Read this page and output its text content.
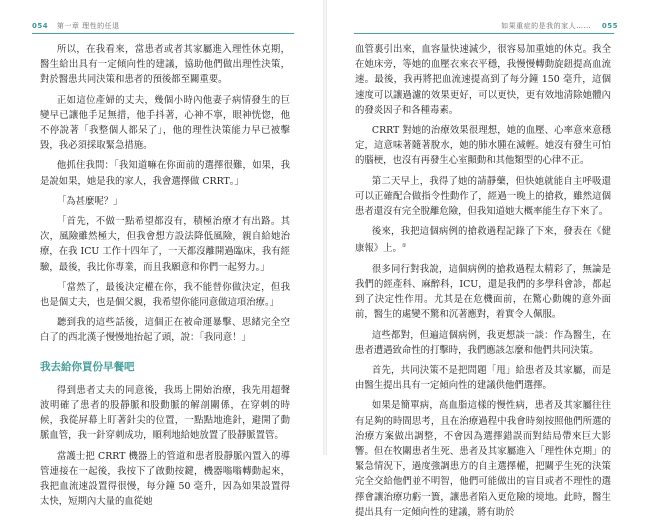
054 第一章 理性的任退

所以，在我看來，當患者或者其家屬進入理性休克期，醫生給出具有一定傾向性的建議，協助他們做出理性決策，對於醫患共同決策和患者的預後都至關重要。

正如這位產婦的丈夫，幾個小時內他妻子病情發生的巨變早已讓他手足無措，他手抖著，心神不寧，眼神恍惚，他不停說著「我整個人都呆了」，他的理性決策能力早已被擊毀，我必須採取緊急措施。

他抓住我問：「我知道嘛在你面前的選擇很難，如果，我是說如果，她是我的家人，我會選擇做 CRRT。」

「為甚麼呢？」

「首先，不做一點希望都沒有，積極治療才有出路。其次，風險雖然極大，但我會想方設法降低風險，親自給她治療，在我 ICU 工作十四年了，一天都沒離開過臨床，我有經驗，最後，我比你專業，而且我願意和你們一起努力。」

「當然了，最後決定權在你，我不能替你做決定，但我也是個丈夫，也是個父親，我希望你能同意做這項治療。」

聽到我的這些話後，這個正在被命運暴擊、思緒完全空白了的西北漢子慢慢地抬起了頭，說：「我同意！」

我去給你買份早餐吧

得到患者丈夫的同意後，我馬上開始治療，我先用超聲波明確了患者的股靜脈和股動脈的解剖關係，在穿刺的時候，我從屏幕上盯著針尖的位置，一點點地進針，避開了動脈血管，我一針穿刺成功，順利地給她放置了股靜脈置管。

當護士把 CRRT 機器上的管道和患者股靜脈內置入的導管連接在一起後，我按下了啟動按鍵，機器嗡嗡轉動起來，我把血流速設置得很慢，每分鐘 50 毫升，因為如果設置得太快，短期內大量的血從她

如果重症的是我的家人…… 055

血管裏引出來，血容量快速減少，很容易加重她的休克。我全在她床旁，等她的血壓衣來衣平穩，我慢慢轉動旋鈕提高血流速。最後，我再將把血流速提高到了每分鐘 150 毫升，這個速度可以讓過濾的效果更好，可以更快，更有效地清除她體內的發炎因子和各種毒素。

CRRT 對她的治療效果很理想，她的血壓、心率意來意穩定，這意味著隨著脫水，她的肺水腫在減輕。她沒有發生可怕的腦梗，也沒有再發生心室顫動和其他類型的心律不正。

第二天早上，我得了她的請靜藥，但快她就能自主呼吸還可以正確配合做指令性動作了，經過一晚上的搶救，雖然這個患者還沒有完全脫離危險，但我知道她大概率能生存下來了。

後來，我把這個病例的搶救過程記錄了下來，發表在《健康報》上。①

很多同行對我說，這個病例的搶救過程太精彩了，無論是我們的經產科、麻醉科，ICU，還是我們的多學科會診，都起到了決定性作用。尤其是在危機面前，在驚心動魄的意外面前，醫生的處變不驚和沉著應對，着實令人佩服。

這些都對，但遍這個病例，我更想談一談：作為醫生，在患者遭遇致命性的打擊時，我們應該怎麼和他們共同決策。

首先，共同決策不是把問題「甩」給患者及其家屬，而是由醫生提出具有一定傾向性的建議供他們選擇。

如果是簡單病，高血脂這樣的慢性病，患者及其家屬往往有足夠的時間思考，且在治療過程中我會時刻按照他們所選的治療方案做出調整，不會因為選擇錯誤而對結局帶來巨大影響。但在牧關患者生死、患者及其家屬進入「理性休克期」的緊急情況下，過度強調患方的自主選擇權，把關乎生死的決策完全交給他們並不明智，他們可能做出的盲目或者不理性的選擇會讓治療功虧一簣，讓患者陷入更危險的境地。此時，醫生提出具有一定傾向性的建議，將有助於
